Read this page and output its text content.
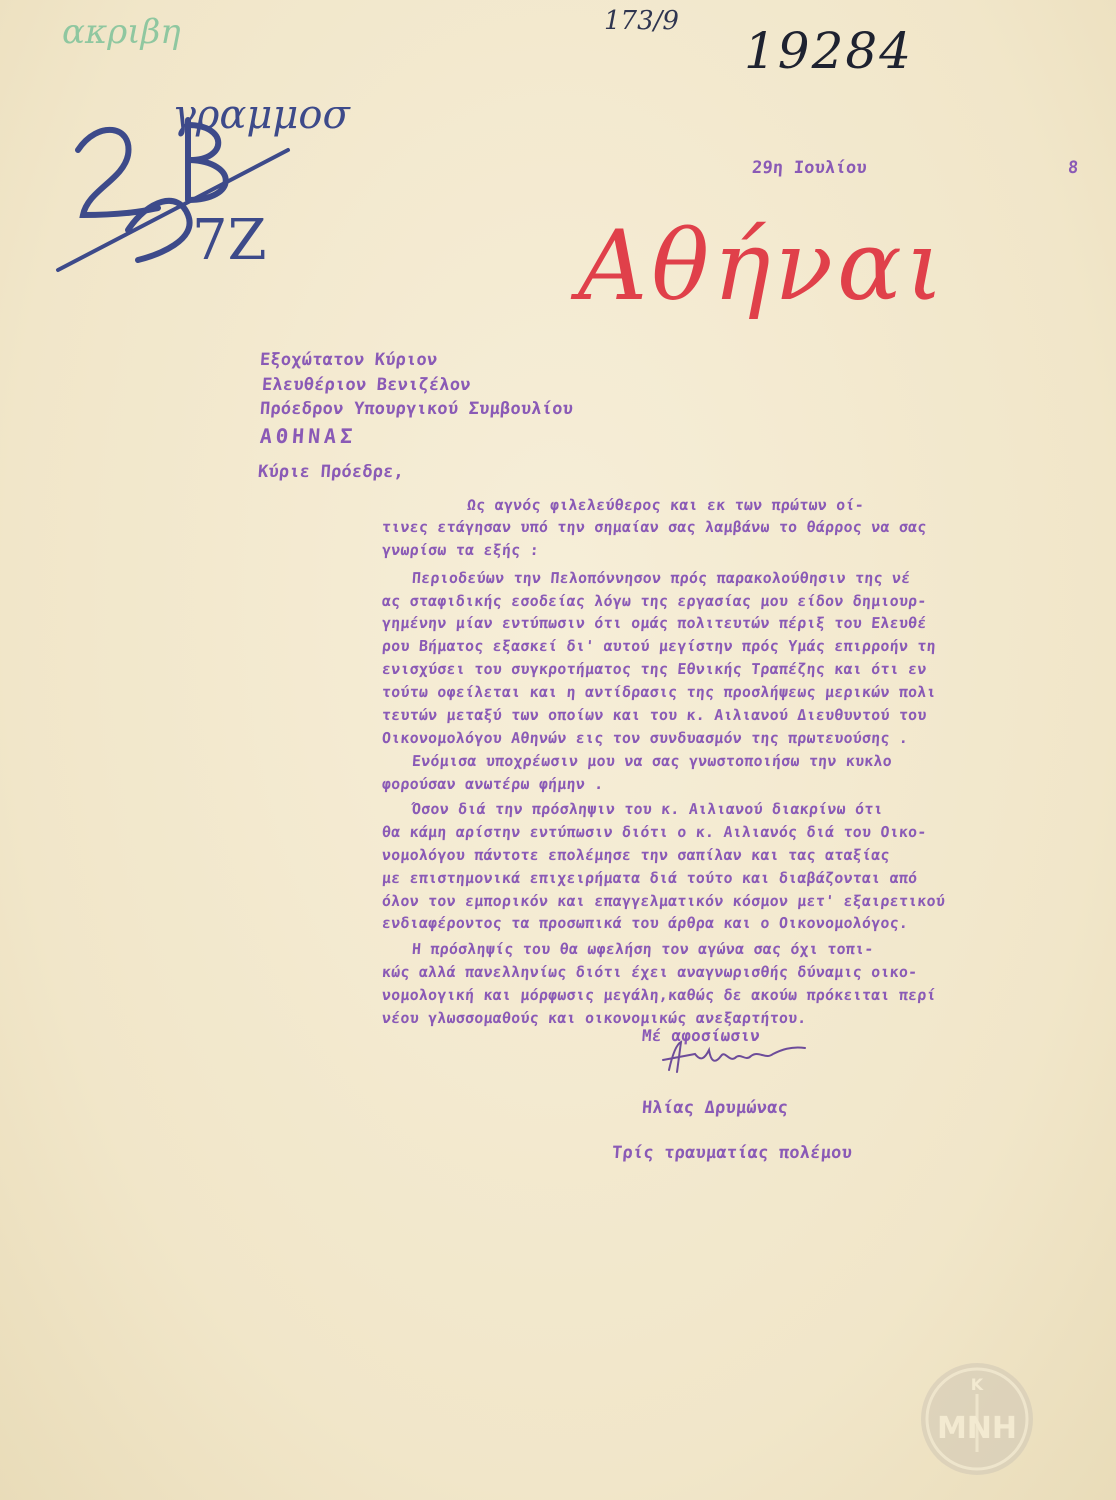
ακριβη	173/9
19284
γραμμοσ
7Z	Αθήναι
29η Ιουλίου	8
Εξοχώτατον Κύριον
Ελευθέριον Βενιζέλον
Πρόεδρον Υπουργικού Συμβουλίου
ΑΘΗΝΑΣ
Κύριε Πρόεδρε,
Ως αγνός φιλελεύθερος και εκ των πρώτων οί-
τινες ετάγησαν υπό την σημαίαν σας λαμβάνω το θάρρος να σας
γνωρίσω τα εξής :
Περιοδεύων την Πελοπόννησον πρός παρακολούθησιν της νέ
ας σταφιδικής εσοδείας λόγω της εργασίας μου είδον δημιουρ-
γημένην μίαν εντύπωσιν ότι ομάς πολιτευτών πέριξ του Ελευθέ
ρου Βήματος εξασκεί δι' αυτού μεγίστην πρός Υμάς επιρροήν τη
ενισχύσει του συγκροτήματος της Εθνικής Τραπέζης και ότι εν
τούτω οφείλεται και η αντίδρασις της προσλήψεως μερικών πολι
τευτών μεταξύ των οποίων και του κ. Αιλιανού Διευθυντού του
Οικονομολόγου Αθηνών εις τον συνδυασμόν της πρωτευούσης .
Ενόμισα υποχρέωσιν μου να σας γνωστοποιήσω την κυκλο
φορούσαν ανωτέρω φήμην .
Όσον διά την πρόσληψιν του κ. Αιλιανού διακρίνω ότι
θα κάμη αρίστην εντύπωσιν διότι ο κ. Αιλιανός διά του Οικο-
νομολόγου πάντοτε επολέμησε την σαπίλαν και τας αταξίας
με επιστημονικά επιχειρήματα διά τούτο και διαβάζονται από
όλον τον εμπορικόν και επαγγελματικόν κόσμον μετ' εξαιρετικού
ενδιαφέροντος τα προσωπικά του άρθρα και ο Οικονομολόγος.
Η πρόσληψίς του θα ωφελήση τον αγώνα σας όχι τοπι-
κώς αλλά πανελληνίως διότι έχει αναγνωρισθής δύναμις οικο-
νομολογική και μόρφωσις μεγάλη,καθώς δε ακούω πρόκειται περί
νέου γλωσσομαθούς και οικονομικώς ανεξαρτήτου.
Μέ αφοσίωσιν
Ηλίας Δρυμώνας
Τρίς τραυματίας πολέμου
K
ΜΝΗ
